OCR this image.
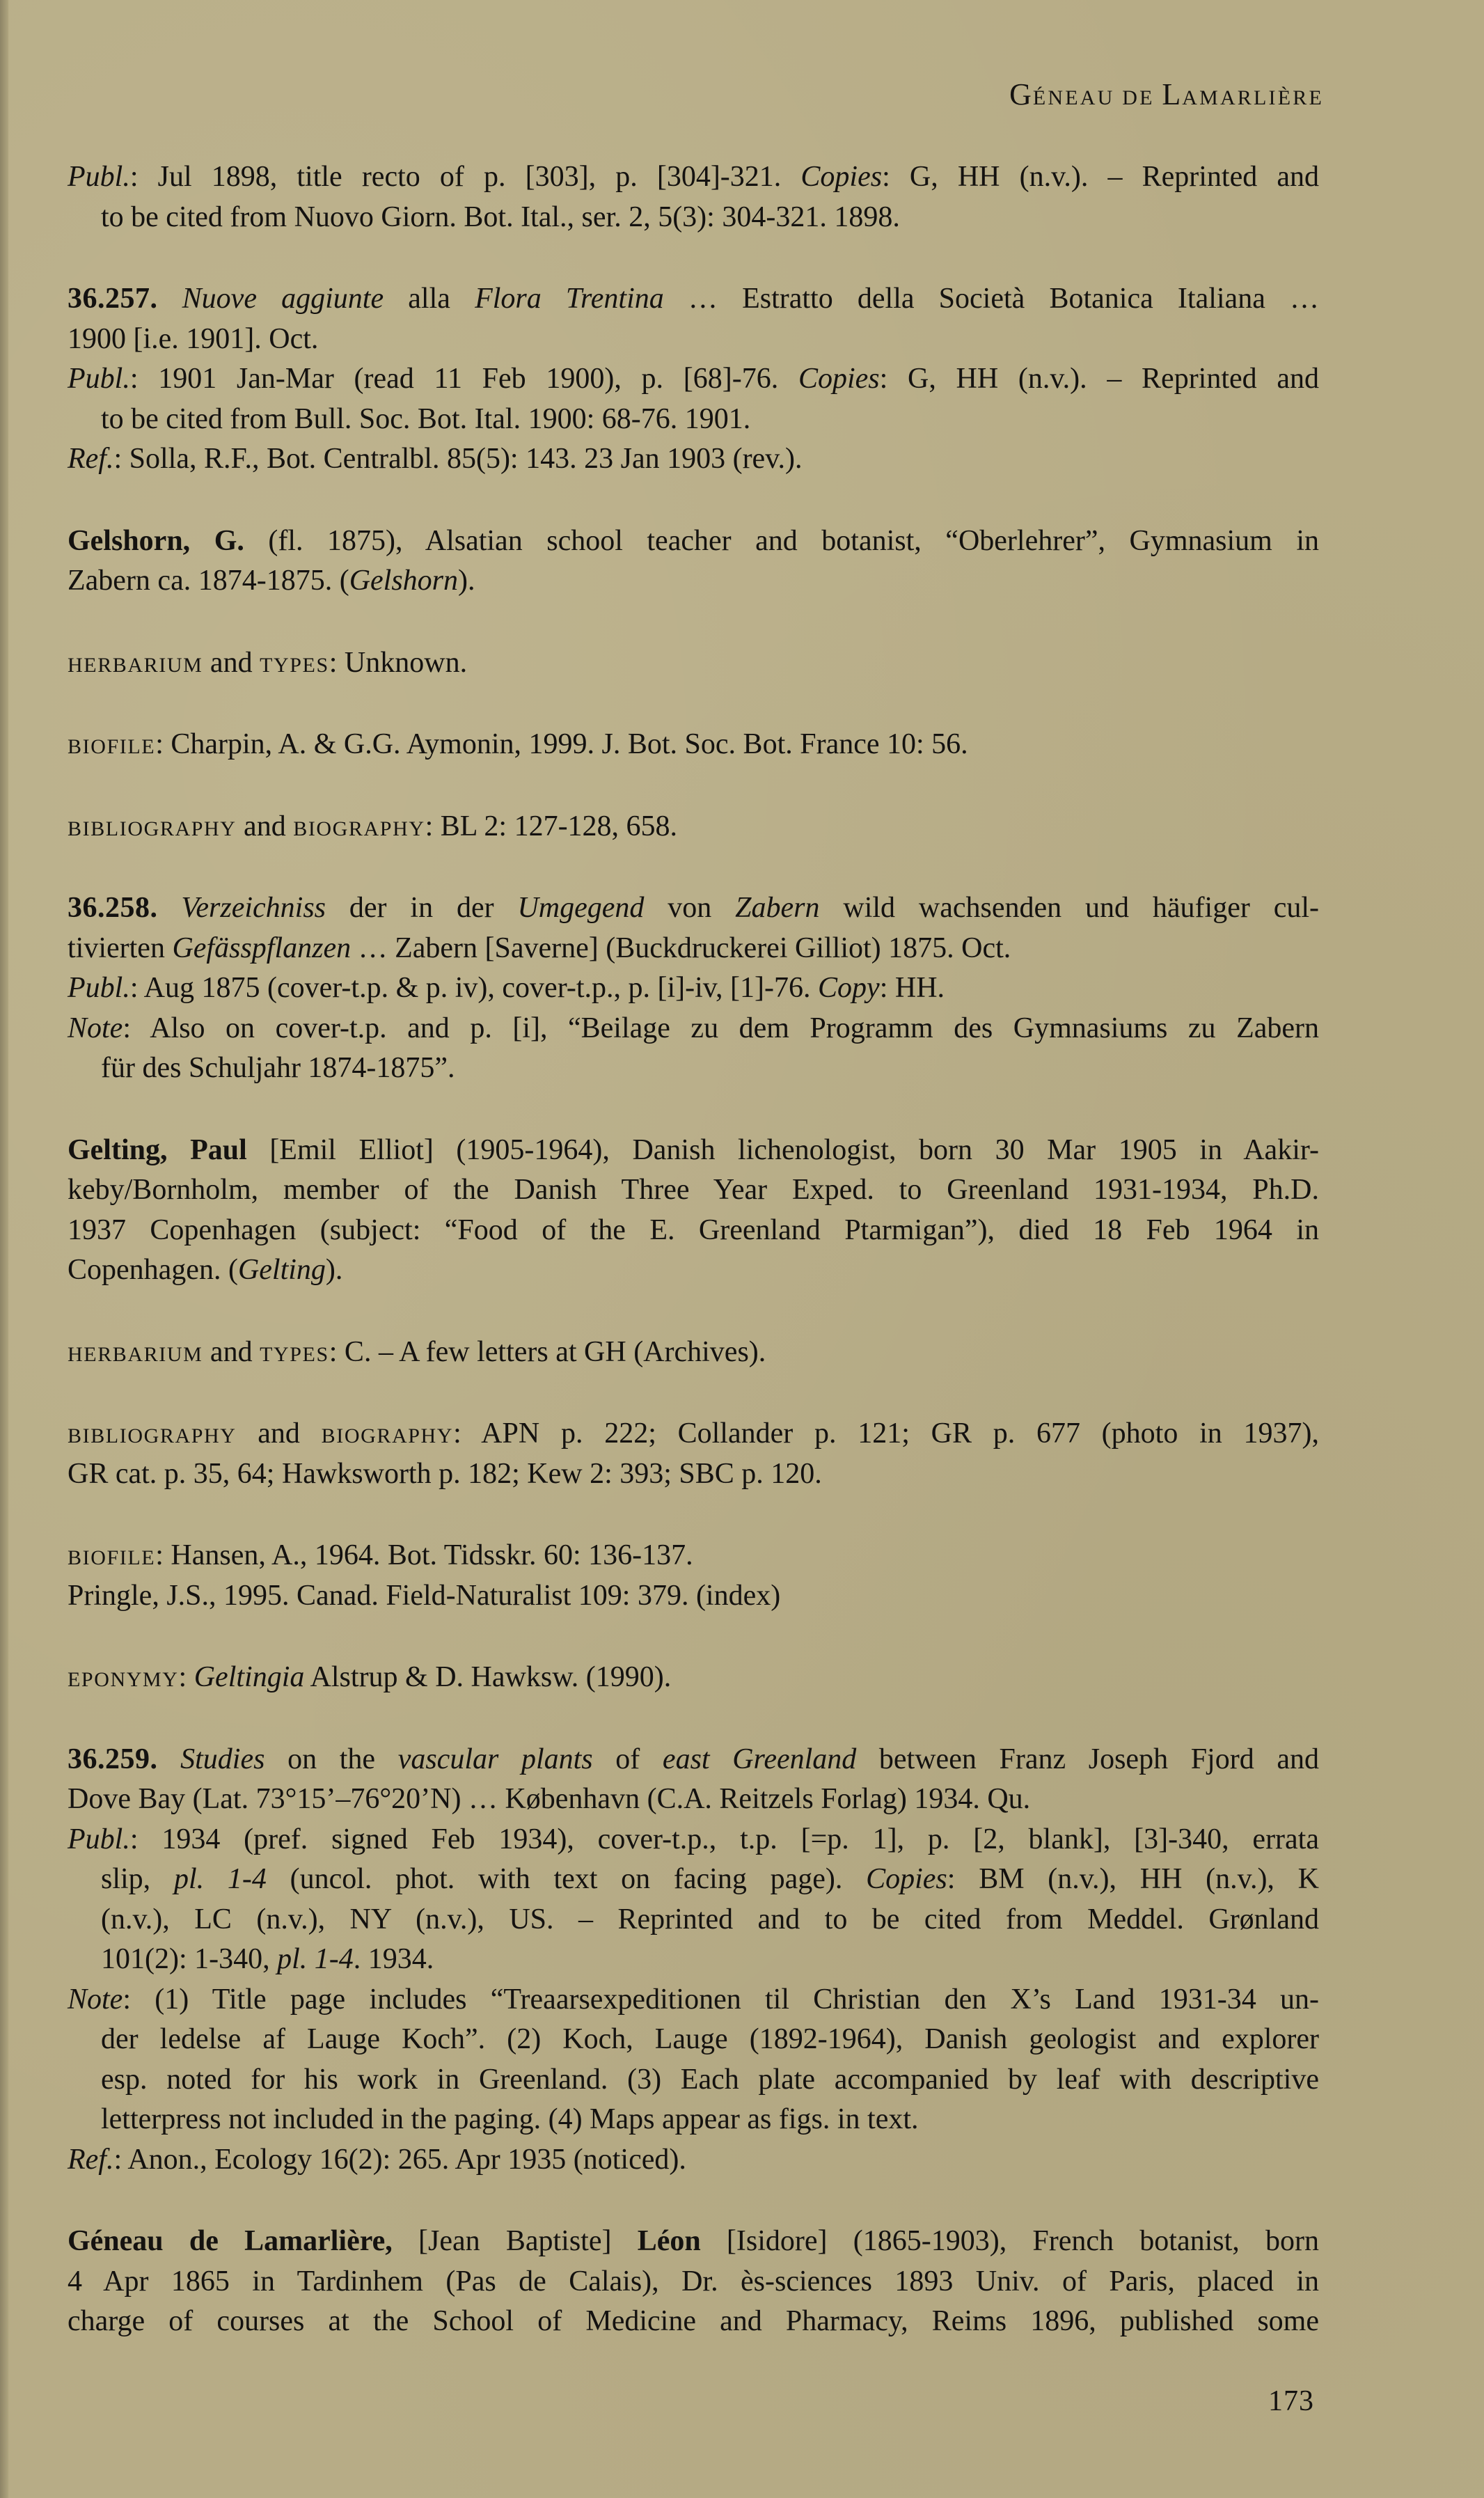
GÉNEAU DE LAMARLIÈRE
Publ.: Jul 1898, title recto of p. [303], p. [304]-321. Copies: G, HH (n.v.). – Reprinted and
to be cited from Nuovo Giorn. Bot. Ital., ser. 2, 5(3): 304-321. 1898.
36.257. Nuove aggiunte alla Flora Trentina … Estratto della Società Botanica Italiana …
1900 [i.e. 1901]. Oct.
Publ.: 1901 Jan-Mar (read 11 Feb 1900), p. [68]-76. Copies: G, HH (n.v.). – Reprinted and
to be cited from Bull. Soc. Bot. Ital. 1900: 68-76. 1901.
Ref.: Solla, R.F., Bot. Centralbl. 85(5): 143. 23 Jan 1903 (rev.).
Gelshorn, G. (fl. 1875), Alsatian school teacher and botanist, “Oberlehrer”, Gymnasium in
Zabern ca. 1874-1875. (Gelshorn).
HERBARIUM and TYPES: Unknown.
BIOFILE: Charpin, A. & G.G. Aymonin, 1999. J. Bot. Soc. Bot. France 10: 56.
BIBLIOGRAPHY and BIOGRAPHY: BL 2: 127-128, 658.
36.258. Verzeichniss der in der Umgegend von Zabern wild wachsenden und häufiger cul-
tivierten Gefässpflanzen … Zabern [Saverne] (Buckdruckerei Gilliot) 1875. Oct.
Publ.: Aug 1875 (cover-t.p. & p. iv), cover-t.p., p. [i]-iv, [1]-76. Copy: HH.
Note: Also on cover-t.p. and p. [i], “Beilage zu dem Programm des Gymnasiums zu Zabern
für des Schuljahr 1874-1875”.
Gelting, Paul [Emil Elliot] (1905-1964), Danish lichenologist, born 30 Mar 1905 in Aakir-
keby/Bornholm, member of the Danish Three Year Exped. to Greenland 1931-1934, Ph.D.
1937 Copenhagen (subject: “Food of the E. Greenland Ptarmigan”), died 18 Feb 1964 in
Copenhagen. (Gelting).
HERBARIUM and TYPES: C. – A few letters at GH (Archives).
BIBLIOGRAPHY and BIOGRAPHY: APN p. 222; Collander p. 121; GR p. 677 (photo in 1937),
GR cat. p. 35, 64; Hawksworth p. 182; Kew 2: 393; SBC p. 120.
BIOFILE: Hansen, A., 1964. Bot. Tidsskr. 60: 136-137.
Pringle, J.S., 1995. Canad. Field-Naturalist 109: 379. (index)
EPONYMY: Geltingia Alstrup & D. Hawksw. (1990).
36.259. Studies on the vascular plants of east Greenland between Franz Joseph Fjord and
Dove Bay (Lat. 73°15’–76°20’N) … København (C.A. Reitzels Forlag) 1934. Qu.
Publ.: 1934 (pref. signed Feb 1934), cover-t.p., t.p. [=p. 1], p. [2, blank], [3]-340, errata
slip, pl. 1-4 (uncol. phot. with text on facing page). Copies: BM (n.v.), HH (n.v.), K
(n.v.), LC (n.v.), NY (n.v.), US. – Reprinted and to be cited from Meddel. Grønland
101(2): 1-340, pl. 1-4. 1934.
Note: (1) Title page includes “Treaarsexpeditionen til Christian den X’s Land 1931-34 un-
der ledelse af Lauge Koch”. (2) Koch, Lauge (1892-1964), Danish geologist and explorer
esp. noted for his work in Greenland. (3) Each plate accompanied by leaf with descriptive
letterpress not included in the paging. (4) Maps appear as figs. in text.
Ref.: Anon., Ecology 16(2): 265. Apr 1935 (noticed).
Géneau de Lamarlière, [Jean Baptiste] Léon [Isidore] (1865-1903), French botanist, born
4 Apr 1865 in Tardinhem (Pas de Calais), Dr. ès-sciences 1893 Univ. of Paris, placed in
charge of courses at the School of Medicine and Pharmacy, Reims 1896, published some
173
